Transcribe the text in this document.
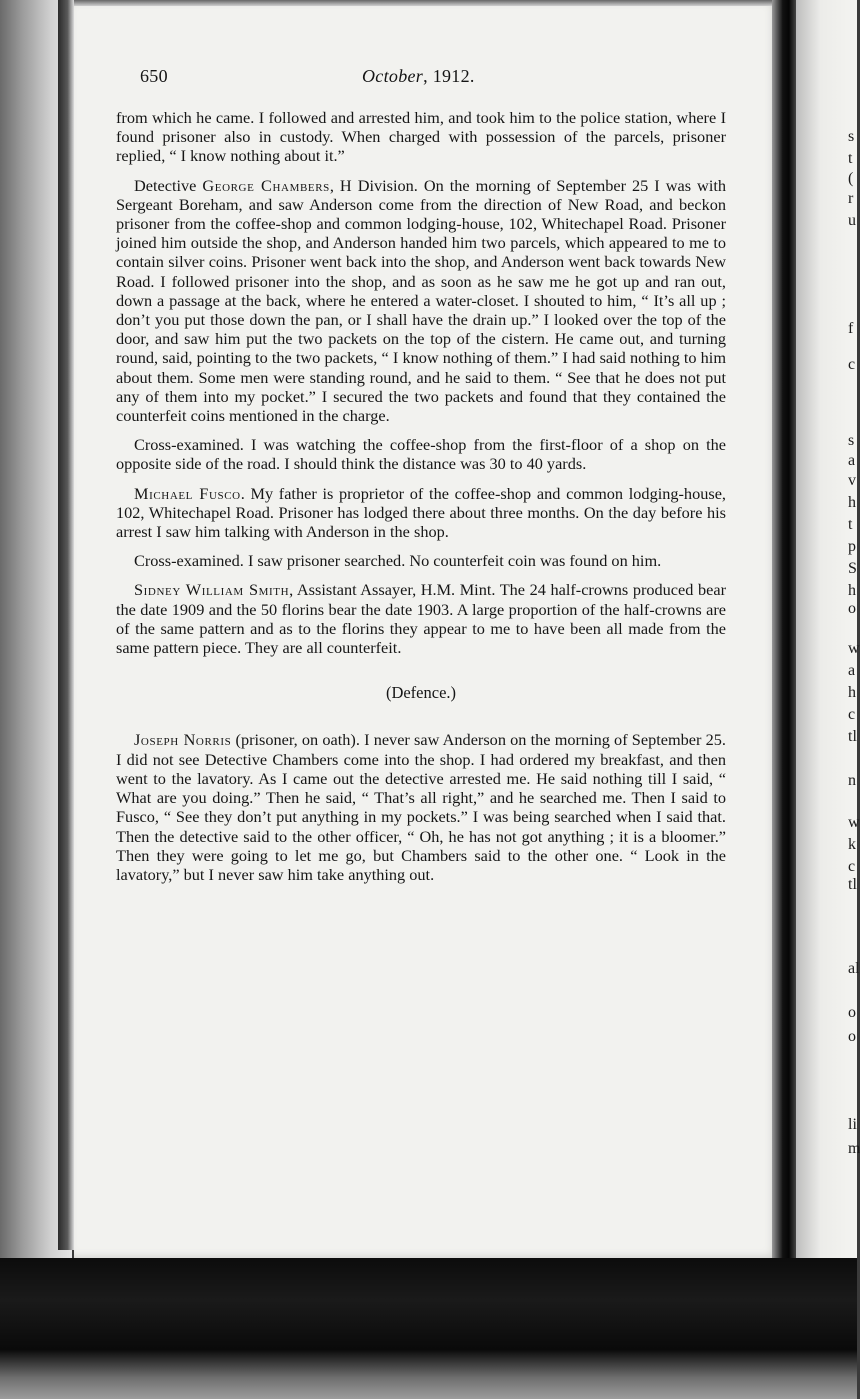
s
t
(
r
u
f
c
s
a
v
h
t
p
S
h
o
w
a
h
c
tl
n
w
k
c
tl
al
o
o
li
m
650	October, 1912.

from which he came. I followed and arrested him, and took him to the police station, where I found prisoner also in custody. When charged with possession of the parcels, prisoner replied, “ I know nothing about it.”

Detective George Chambers, H Division. On the morning of September 25 I was with Sergeant Boreham, and saw Anderson come from the direction of New Road, and beckon prisoner from the coffee-shop and common lodging-house, 102, Whitechapel Road. Prisoner joined him outside the shop, and Anderson handed him two parcels, which appeared to me to contain silver coins. Prisoner went back into the shop, and Anderson went back towards New Road. I followed prisoner into the shop, and as soon as he saw me he got up and ran out, down a passage at the back, where he entered a water-closet. I shouted to him, “ It’s all up ; don’t you put those down the pan, or I shall have the drain up.” I looked over the top of the door, and saw him put the two packets on the top of the cistern. He came out, and turning round, said, pointing to the two packets, “ I know nothing of them.” I had said nothing to him about them. Some men were standing round, and he said to them. “ See that he does not put any of them into my pocket.” I secured the two packets and found that they contained the counterfeit coins mentioned in the charge.

Cross-examined. I was watching the coffee-shop from the first-floor of a shop on the opposite side of the road. I should think the distance was 30 to 40 yards.

Michael Fusco. My father is proprietor of the coffee-shop and common lodging-house, 102, Whitechapel Road. Prisoner has lodged there about three months. On the day before his arrest I saw him talking with Anderson in the shop.

Cross-examined. I saw prisoner searched. No counterfeit coin was found on him.

Sidney William Smith, Assistant Assayer, H.M. Mint. The 24 half-crowns produced bear the date 1909 and the 50 florins bear the date 1903. A large proportion of the half-crowns are of the same pattern and as to the florins they appear to me to have been all made from the same pattern piece. They are all counterfeit.

(Defence.)

Joseph Norris (prisoner, on oath). I never saw Anderson on the morning of September 25. I did not see Detective Chambers come into the shop. I had ordered my breakfast, and then went to the lavatory. As I came out the detective arrested me. He said nothing till I said, “ What are you doing.” Then he said, “ That’s all right,” and he searched me. Then I said to Fusco, “ See they don’t put anything in my pockets.” I was being searched when I said that. Then the detective said to the other officer, “ Oh, he has not got anything ; it is a bloomer.” Then they were going to let me go, but Chambers said to the other one. “ Look in the lavatory,” but I never saw him take anything out.
